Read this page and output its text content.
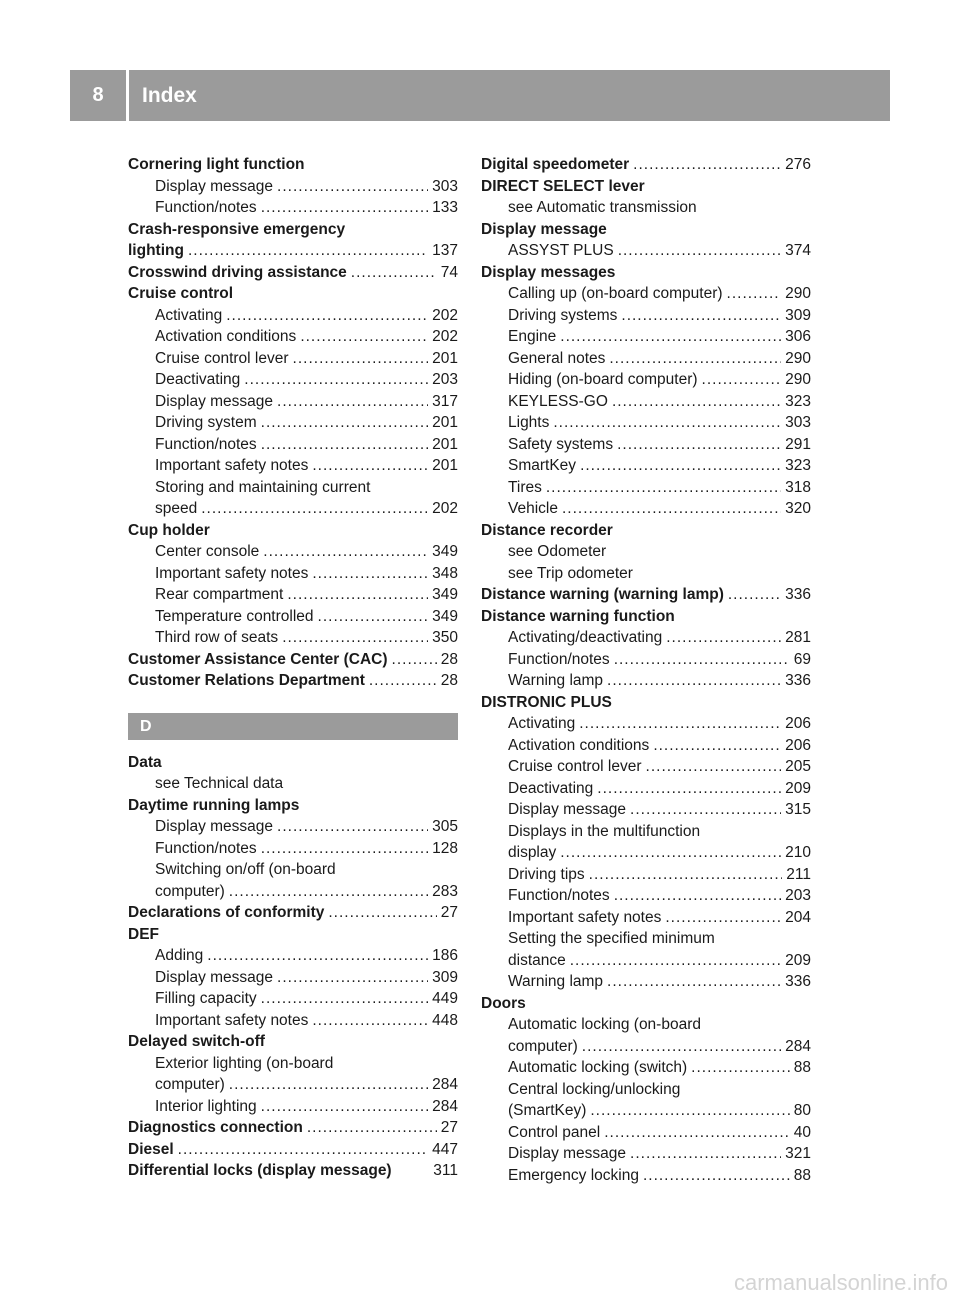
8	Index
Cornering light function
Display message .....	303
Function/notes .....	133
Crash-responsive emergency
lighting .....	137
Crosswind driving assistance .....	74
Cruise control
Activating .....	202
Activation conditions .....	202
Cruise control lever .....	201
Deactivating .....	203
Display message .....	317
Driving system .....	201
Function/notes .....	201
Important safety notes .....	201
Storing and maintaining current
speed .....	202
Cup holder
Center console .....	349
Important safety notes .....	348
Rear compartment .....	349
Temperature controlled .....	349
Third row of seats .....	350
Customer Assistance Center (CAC) .....	28
Customer Relations Department .....	28
D
Data
see Technical data
Daytime running lamps
Display message .....	305
Function/notes .....	128
Switching on/off (on-board
computer) .....	283
Declarations of conformity .....	27
DEF
Adding .....	186
Display message .....	309
Filling capacity .....	449
Important safety notes .....	448
Delayed switch-off
Exterior lighting (on-board
computer) .....	284
Interior lighting .....	284
Diagnostics connection .....	27
Diesel .....	447
Differential locks (display message)	311
Digital speedometer .....	276
DIRECT SELECT lever
see Automatic transmission
Display message
ASSYST PLUS .....	374
Display messages
Calling up (on-board computer) .....	290
Driving systems .....	309
Engine .....	306
General notes .....	290
Hiding (on-board computer) .....	290
KEYLESS-GO .....	323
Lights .....	303
Safety systems .....	291
SmartKey .....	323
Tires .....	318
Vehicle .....	320
Distance recorder
see Odometer
see Trip odometer
Distance warning (warning lamp) .....	336
Distance warning function
Activating/deactivating .....	281
Function/notes .....	69
Warning lamp .....	336
DISTRONIC PLUS
Activating .....	206
Activation conditions .....	206
Cruise control lever .....	205
Deactivating .....	209
Display message .....	315
Displays in the multifunction
display .....	210
Driving tips .....	211
Function/notes .....	203
Important safety notes .....	204
Setting the specified minimum
distance .....	209
Warning lamp .....	336
Doors
Automatic locking (on-board
computer) .....	284
Automatic locking (switch) .....	88
Central locking/unlocking
(SmartKey) .....	80
Control panel .....	40
Display message .....	321
Emergency locking .....	88
carmanualsonline.info
